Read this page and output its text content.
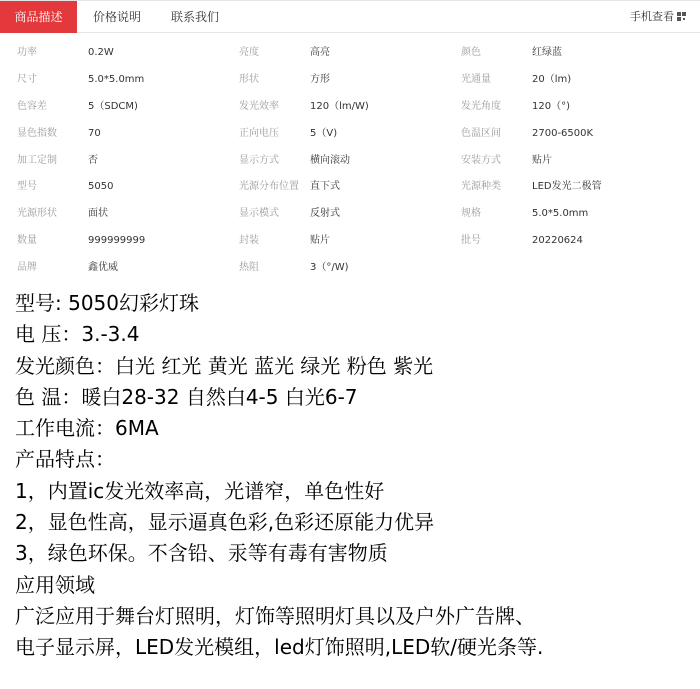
商品描述	价格说明	联系我们	手机查看
功率	0.2W	亮度	高亮	颜色	红绿蓝
尺寸	5.0*5.0mm	形状	方形	光通量	20（lm)
色容差	5（SDCM)	发光效率	120（lm/W)	发光角度	120（°)
显色指数	70	正向电压	5（V)	色温区间	2700-6500K
加工定制	否	显示方式	横向滚动	安装方式	贴片
型号	5050	光源分布位置 直下式	光源种类	LED发光二极管
光源形状	面状	显示模式	反射式	规格	5.0*5.0mm
数量	999999999	封装	贴片	批号	20220624
品牌	鑫优威	热阻	3（°/W)
型号: 5050幻彩灯珠
电 压：3.-3.4
发光颜色：白光 红光 黄光 蓝光 绿光 粉色 紫光
色 温：暖白28-32 自然白4-5 白光6-7
工作电流：6MA
产品特点：
1，内置ic发光效率高，光谱窄，单色性好
2，显色性高，显示逼真色彩,色彩还原能力优异
3，绿色环保。不含铅、汞等有毒有害物质
应用领域
广泛应用于舞台灯照明，灯饰等照明灯具以及户外广告牌、
电子显示屏，LED发光模组，led灯饰照明,LED软/硬光条等.
